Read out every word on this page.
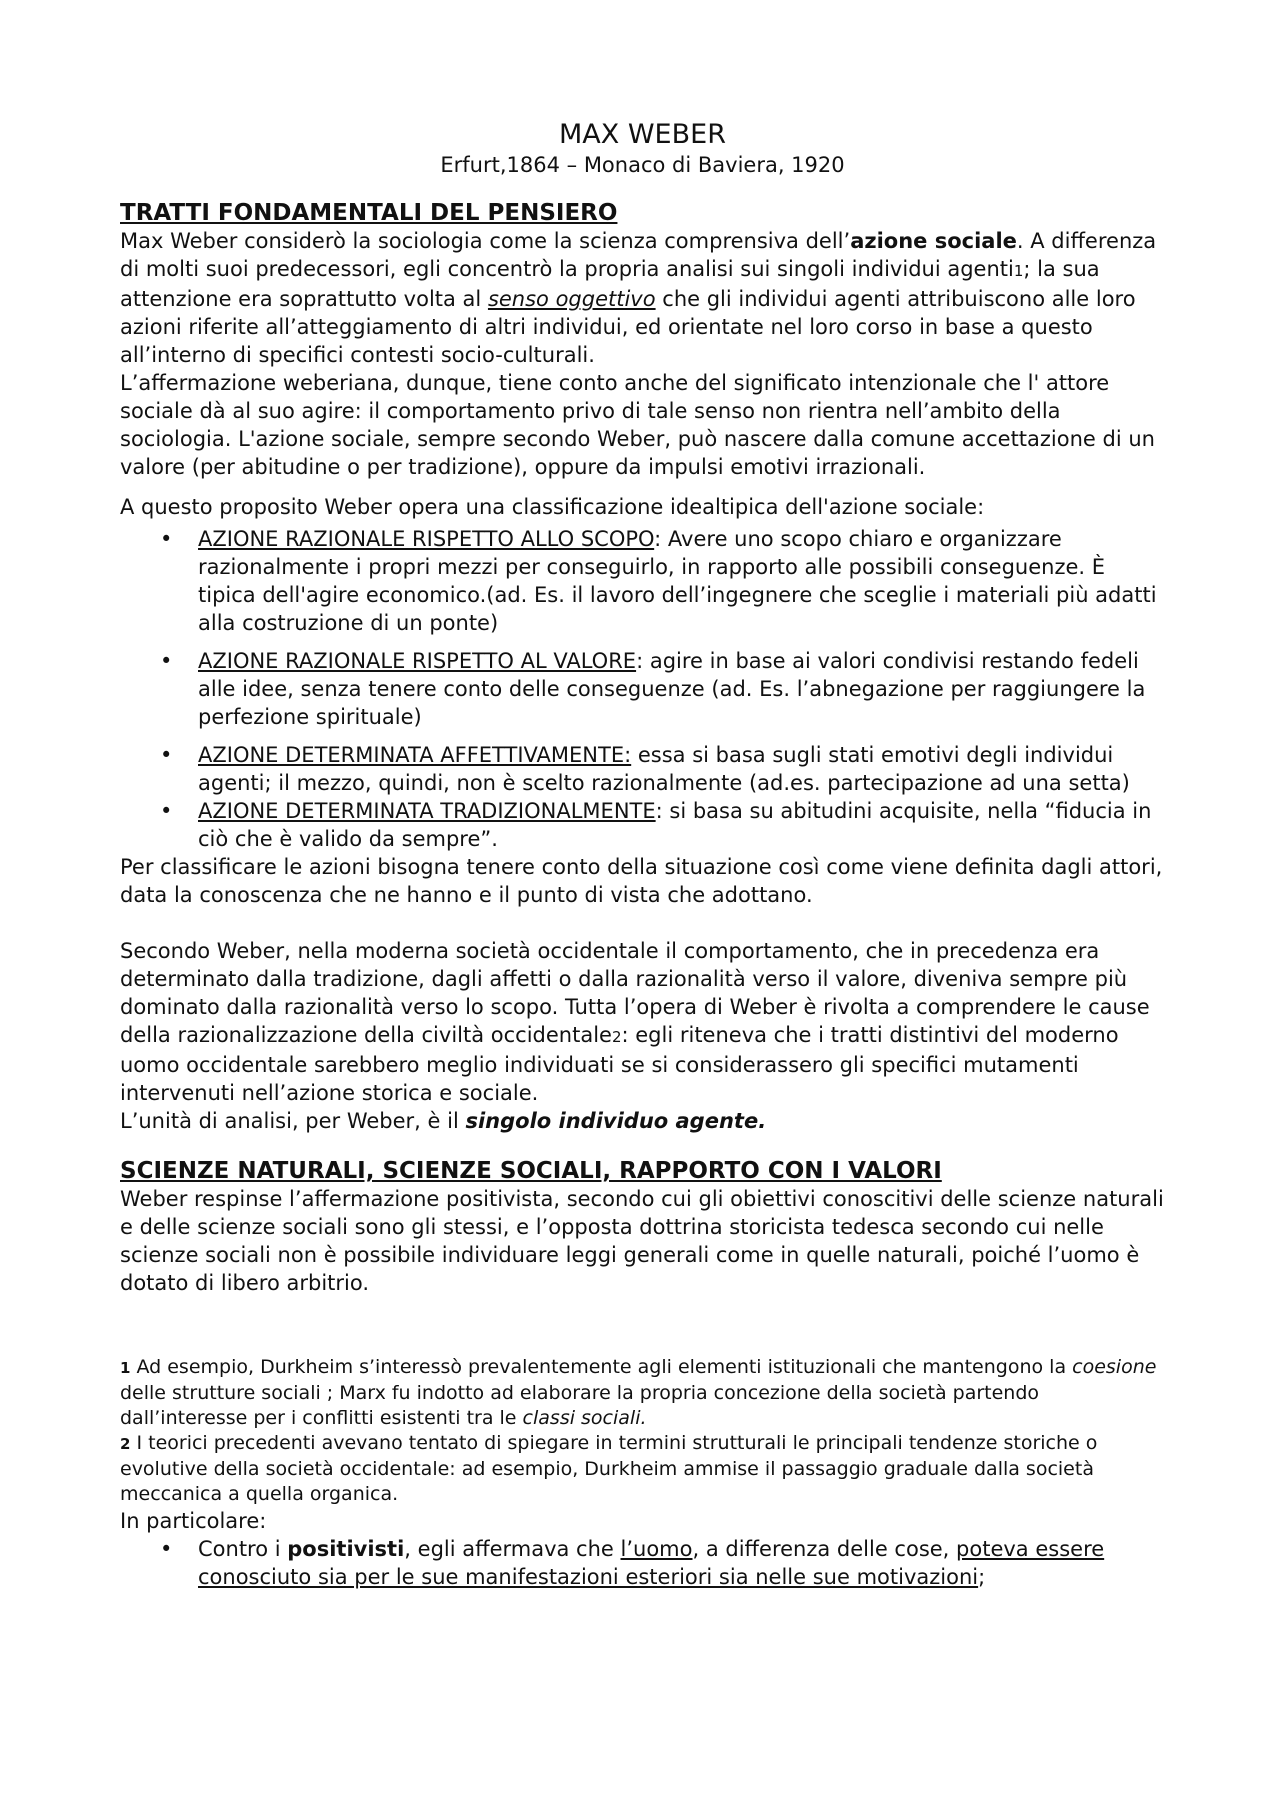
MAX WEBER
Erfurt,1864 – Monaco di Baviera, 1920
TRATTI FONDAMENTALI DEL PENSIERO

Max Weber considerò la sociologia come la scienza comprensiva dell’azione sociale. A differenza di molti suoi predecessori, egli concentrò la propria analisi sui singoli individui agenti1; la sua attenzione era soprattutto volta al senso oggettivo che gli individui agenti attribuiscono alle loro azioni riferite all’atteggiamento di altri individui, ed orientate nel loro corso in base a questo all’interno di specifici contesti socio-culturali.

L’affermazione weberiana, dunque, tiene conto anche del significato intenzionale che l' attore sociale dà al suo agire: il comportamento privo di tale senso non rientra nell’ambito della sociologia. L'azione sociale, sempre secondo Weber, può nascere dalla comune accettazione di un valore (per abitudine o per tradizione), oppure da impulsi emotivi irrazionali.

A questo proposito Weber opera una classificazione idealtipica dell'azione sociale:

• AZIONE RAZIONALE RISPETTO ALLO SCOPO: Avere uno scopo chiaro e organizzare razionalmente i propri mezzi per conseguirlo, in rapporto alle possibili conseguenze. È tipica dell'agire economico.(ad. Es. il lavoro dell’ingegnere che sceglie i materiali più adatti alla costruzione di un ponte)
• AZIONE RAZIONALE RISPETTO AL VALORE: agire in base ai valori condivisi restando fedeli alle idee, senza tenere conto delle conseguenze (ad. Es. l’abnegazione per raggiungere la perfezione spirituale)
• AZIONE DETERMINATA AFFETTIVAMENTE: essa si basa sugli stati emotivi degli individui agenti; il mezzo, quindi, non è scelto razionalmente (ad.es. partecipazione ad una setta)
• AZIONE DETERMINATA TRADIZIONALMENTE: si basa su abitudini acquisite, nella “fiducia in ciò che è valido da sempre”.

Per classificare le azioni bisogna tenere conto della situazione così come viene definita dagli attori, data la conoscenza che ne hanno e il punto di vista che adottano.

Secondo Weber, nella moderna società occidentale il comportamento, che in precedenza era determinato dalla tradizione, dagli affetti o dalla razionalità verso il valore, diveniva sempre più dominato dalla razionalità verso lo scopo. Tutta l’opera di Weber è rivolta a comprendere le cause della razionalizzazione della civiltà occidentale2: egli riteneva che i tratti distintivi del moderno uomo occidentale sarebbero meglio individuati se si considerassero gli specifici mutamenti intervenuti nell’azione storica e sociale.

L’unità di analisi, per Weber, è il singolo individuo agente.

SCIENZE NATURALI, SCIENZE SOCIALI, RAPPORTO CON I VALORI

Weber respinse l’affermazione positivista, secondo cui gli obiettivi conoscitivi delle scienze naturali e delle scienze sociali sono gli stessi, e l’opposta dottrina storicista tedesca secondo cui nelle scienze sociali non è possibile individuare leggi generali come in quelle naturali, poiché l’uomo è dotato di libero arbitrio.

1 Ad esempio, Durkheim s’interessò prevalentemente agli elementi istituzionali che mantengono la coesione delle strutture sociali ; Marx fu indotto ad elaborare la propria concezione della società partendo dall’interesse per i conflitti esistenti tra le classi sociali.

2 I teorici precedenti avevano tentato di spiegare in termini strutturali le principali tendenze storiche o evolutive della società occidentale: ad esempio, Durkheim ammise il passaggio graduale dalla società meccanica a quella organica.

In particolare:

• Contro i positivisti, egli affermava che l’uomo, a differenza delle cose, poteva essere conosciuto sia per le sue manifestazioni esteriori sia nelle sue motivazioni;
